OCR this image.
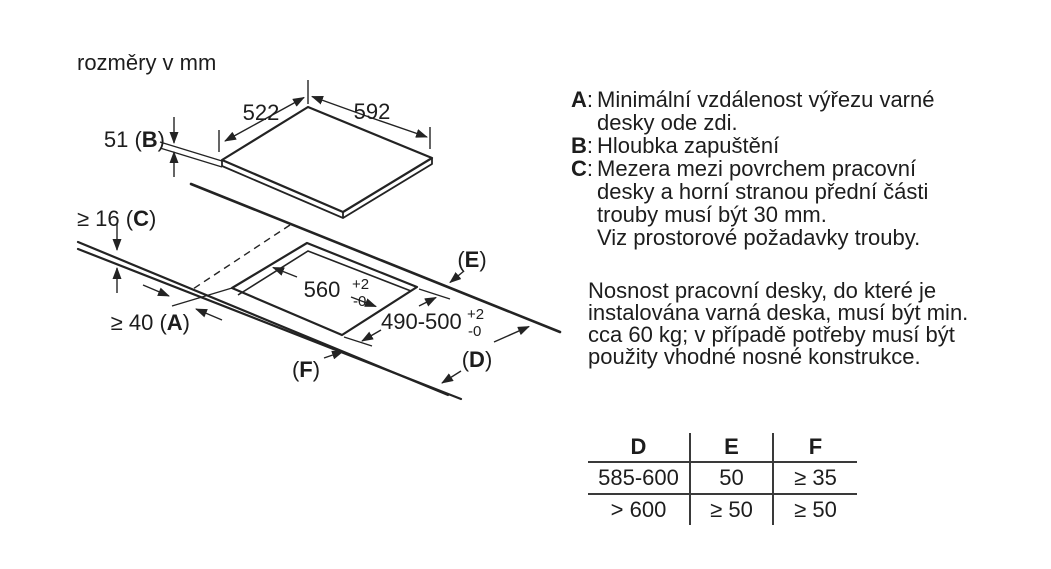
rozměry v mm
522	592
51 (B)
≥ 16 (C)
≥ 40 (A)
560 +2
-0
490-500 +2
-0
(E)
(F)	(D)
A: Minimální vzdálenost výřezu varné
desky ode zdi.
B: Hloubka zapuštění
C: Mezera mezi povrchem pracovní
desky a horní stranou přední části
trouby musí být 30 mm.
Viz prostorové požadavky trouby.
Nosnost pracovní desky, do které je
instalována varná deska, musí být min.
cca 60 kg; v případě potřeby musí být
použity vhodné nosné konstrukce.
D	E	F
585-600	50	≥ 35
> 600	≥ 50	≥ 50
